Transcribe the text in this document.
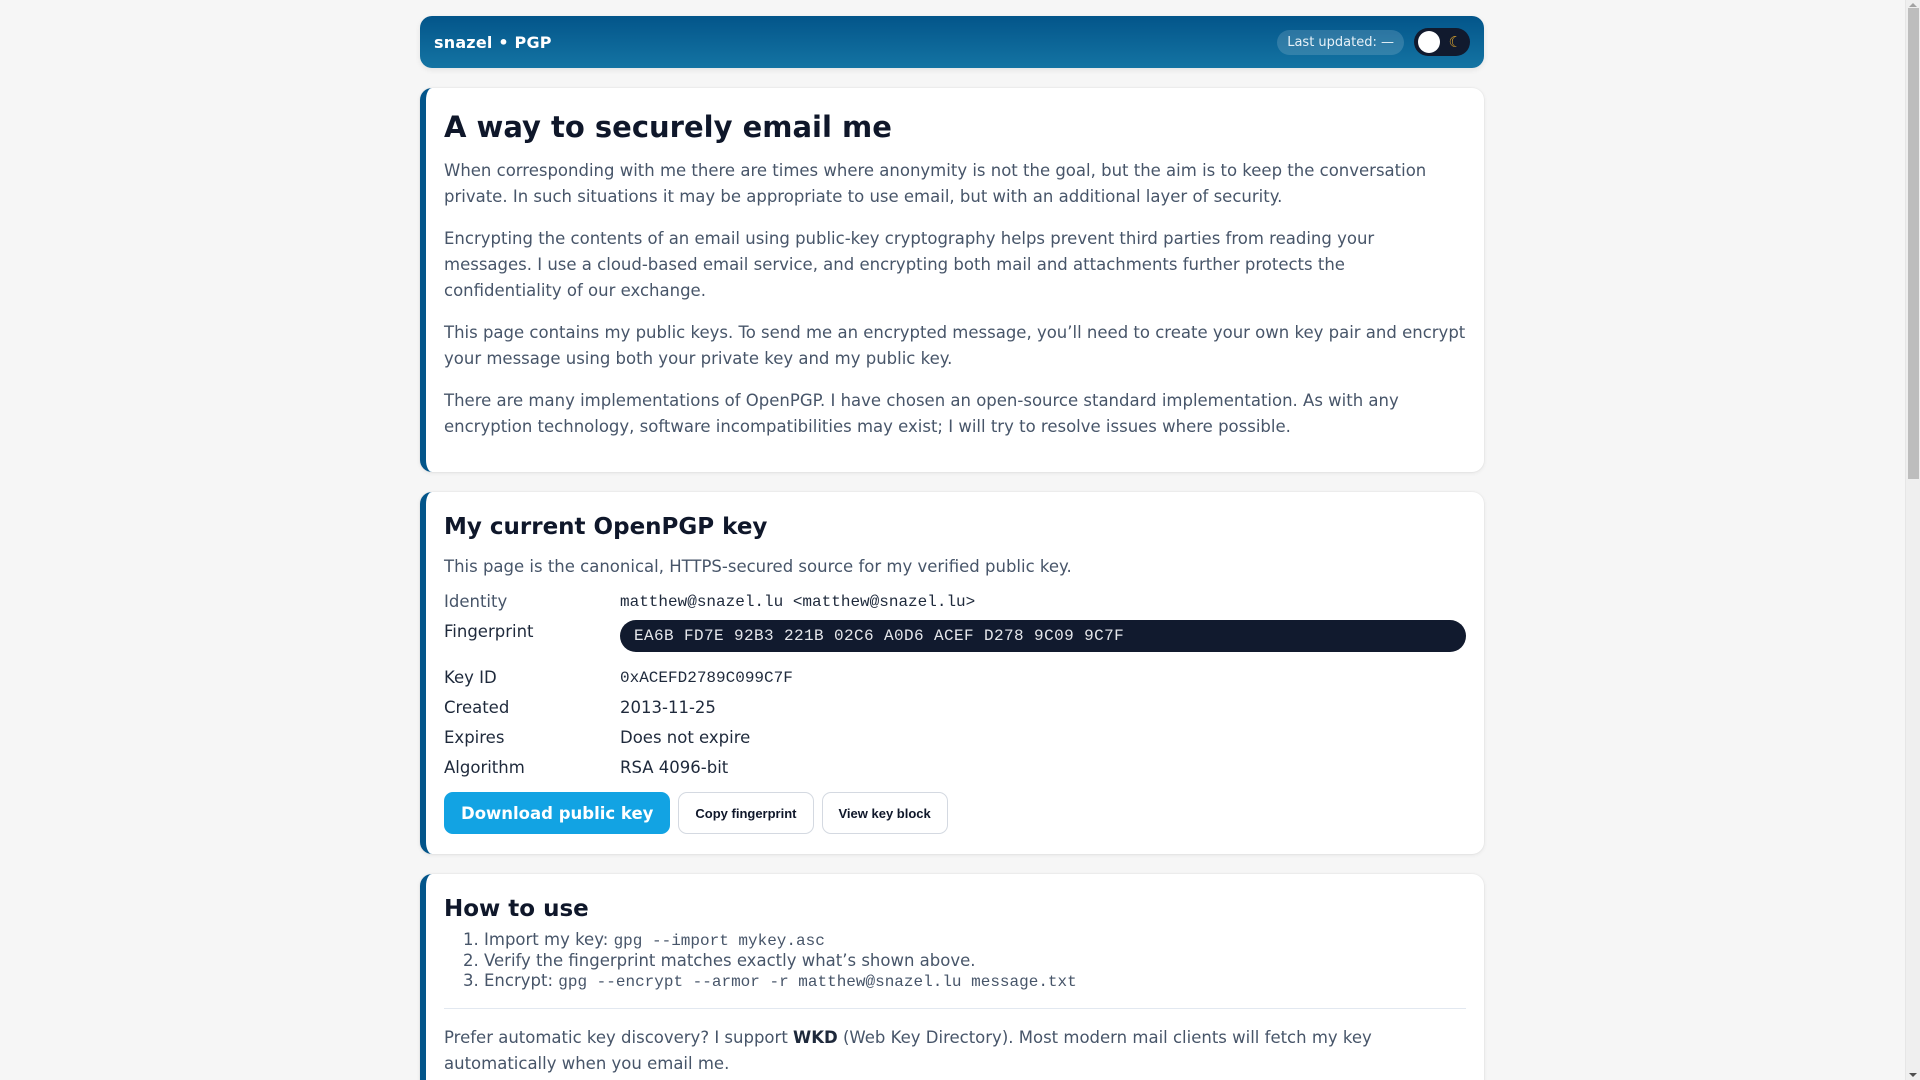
snazel • PGP	Last updated: —	☾
A way to securely email me

When corresponding with me there are times where anonymity is not the goal, but the aim is to keep the conversation private. In such situations it may be appropriate to use email, but with an additional layer of security.

Encrypting the contents of an email using public-key cryptography helps prevent third parties from reading your messages. I use a cloud-based email service, and encrypting both mail and attachments further protects the confidentiality of our exchange.

This page contains my public keys. To send me an encrypted message, you’ll need to create your own key pair and encrypt your message using both your private key and my public key.

There are many implementations of OpenPGP. I have chosen an open-source standard implementation. As with any encryption technology, software incompatibilities may exist; I will try to resolve issues where possible.

My current OpenPGP key

This page is the canonical, HTTPS-secured source for my verified public key.

Identity	matthew@snazel.lu <matthew@snazel.lu>
Fingerprint	EA6B FD7E 92B3 221B 02C6 A0D6 ACEF D278 9C09 9C7F
Key ID	0xACEFD2789C099C7F
Created	2013-11-25
Expires	Does not expire
Algorithm	RSA 4096-bit
Download public key	Copy fingerprint	View key block
How to use
1. Import my key: gpg --import mykey.asc
2. Verify the fingerprint matches exactly what’s shown above.
3. Encrypt: gpg --encrypt --armor -r matthew@snazel.lu message.txt

Prefer automatic key discovery? I support WKD (Web Key Directory). Most modern mail clients will fetch my key automatically when you email me.
